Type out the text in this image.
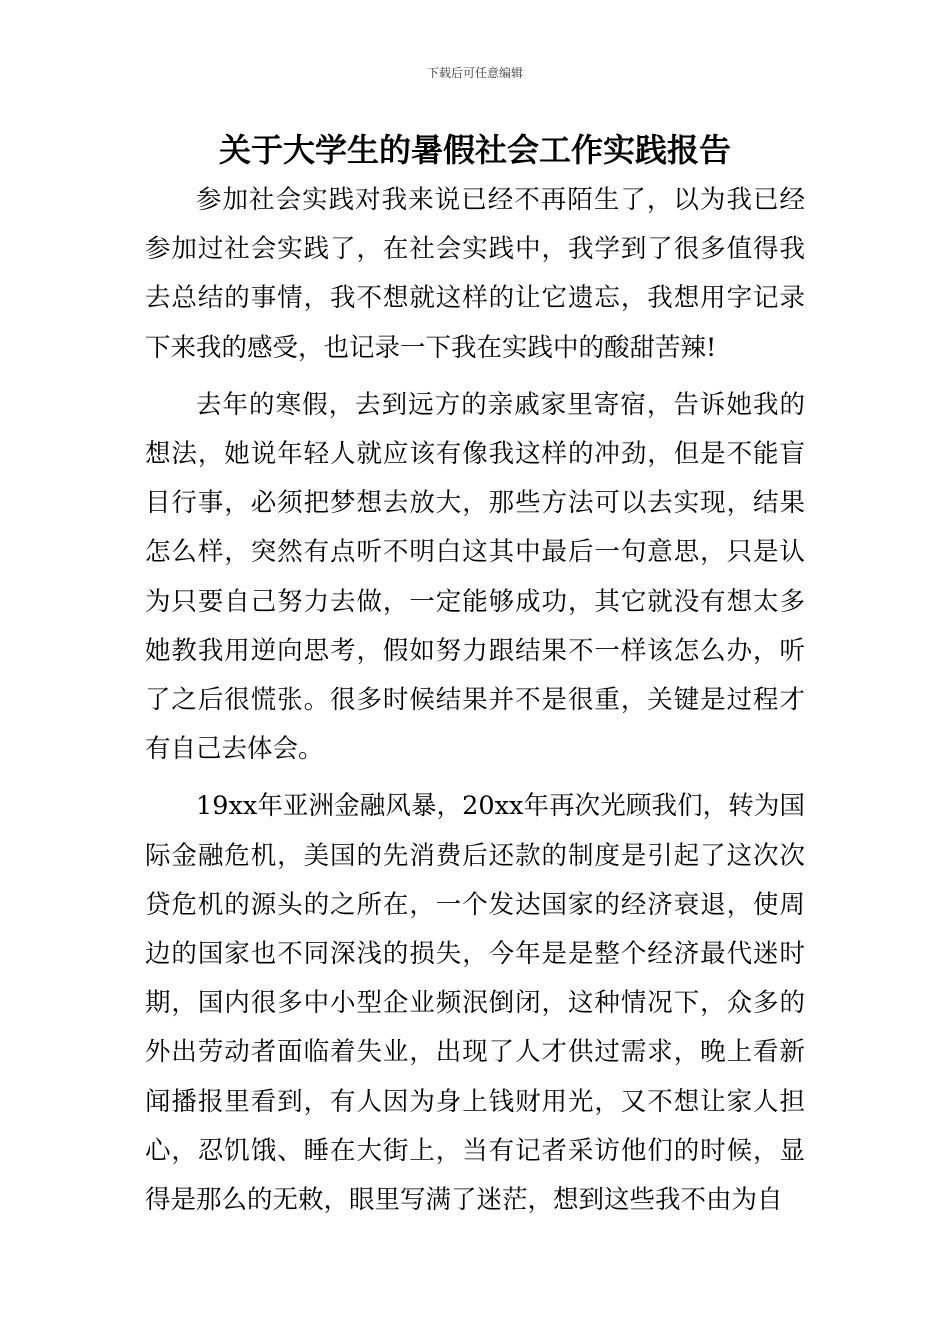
下载后可任意编辑
关于大学生的暑假社会工作实践报告

参加社会实践对我来说已经不再陌生了，以为我已经参加过社会实践了，在社会实践中，我学到了很多值得我去总结的事情，我不想就这样的让它遗忘，我想用字记录下来我的感受，也记录一下我在实践中的酸甜苦辣!

去年的寒假，去到远方的亲戚家里寄宿，告诉她我的想法，她说年轻人就应该有像我这样的冲劲，但是不能盲目行事，必须把梦想去放大，那些方法可以去实现，结果怎么样，突然有点听不明白这其中最后一句意思，只是认为只要自己努力去做，一定能够成功，其它就没有想太多她教我用逆向思考，假如努力跟结果不一样该怎么办，听了之后很慌张。很多时候结果并不是很重，关键是过程才有自己去体会。

19xx年亚洲金融风暴，20xx年再次光顾我们，转为国际金融危机，美国的先消费后还款的制度是引起了这次次贷危机的源头的之所在，一个发达国家的经济衰退，使周边的国家也不同深浅的损失，今年是是整个经济最代迷时期，国内很多中小型企业频泯倒闭，这种情况下，众多的外出劳动者面临着失业，出现了人才供过需求，晚上看新闻播报里看到，有人因为身上钱财用光，又不想让家人担心，忍饥饿、睡在大街上，当有记者采访他们的时候，显得是那么的无敕，眼里写满了迷茫，想到这些我不由为自
